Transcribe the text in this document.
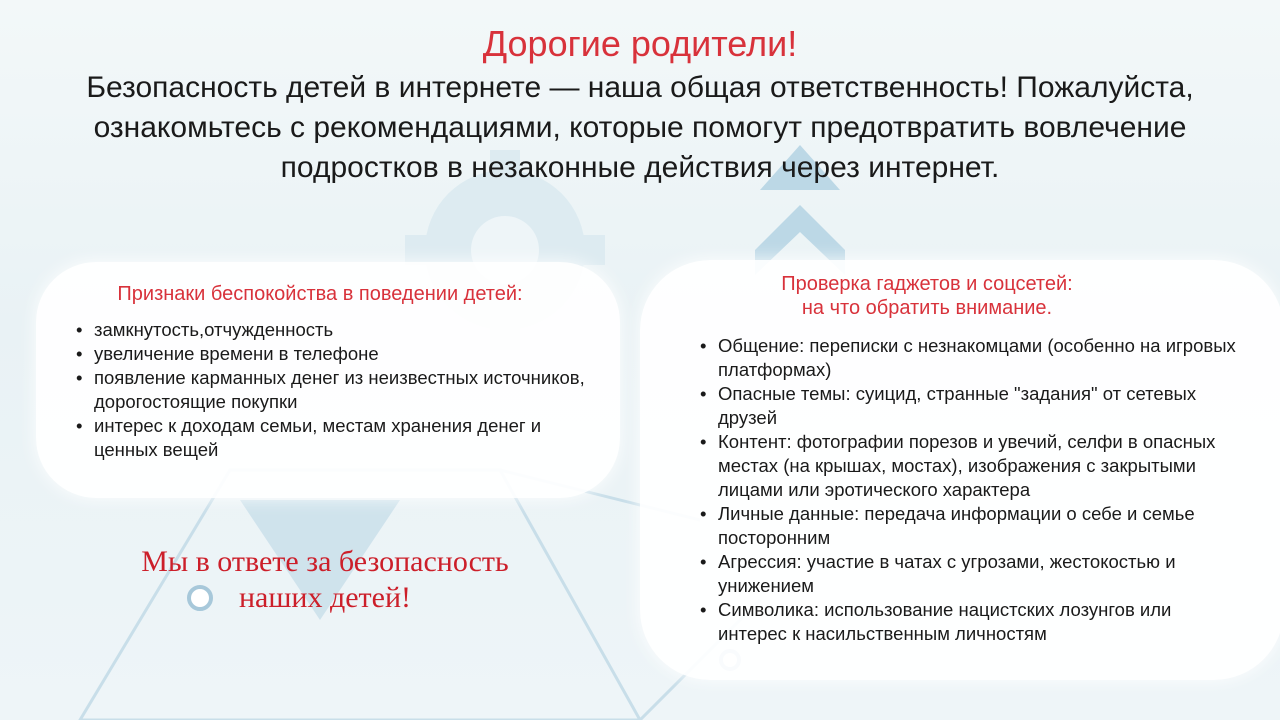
Дорогие родители!
Безопасность детей в интернете — наша общая ответственность! Пожалуйста, ознакомьтесь с рекомендациями, которые помогут предотвратить вовлечение подростков в незаконные действия через интернет.
Признаки беспокойства в поведении детей:
• замкнутость,отчужденность
• увеличение времени в телефоне
• появление карманных денег из неизвестных источников, дорогостоящие покупки
• интерес к доходам семьи, местам хранения денег и ценных вещей
Проверка гаджетов и соцсетей:
на что обратить внимание.
• Общение: переписки с незнакомцами (особенно на игровых платформах)
• Опасные темы: суицид, странные "задания" от сетевых друзей
• Контент: фотографии порезов и увечий, селфи в опасных местах (на крышах, мостах), изображения с закрытыми лицами или эротического характера
• Личные данные: передача информации о себе и семье посторонним
• Агрессия: участие в чатах с угрозами, жестокостью и унижением
• Символика: использование нацистских лозунгов или интерес к насильственным личностям
Мы в ответе за безопасность
наших детей!
